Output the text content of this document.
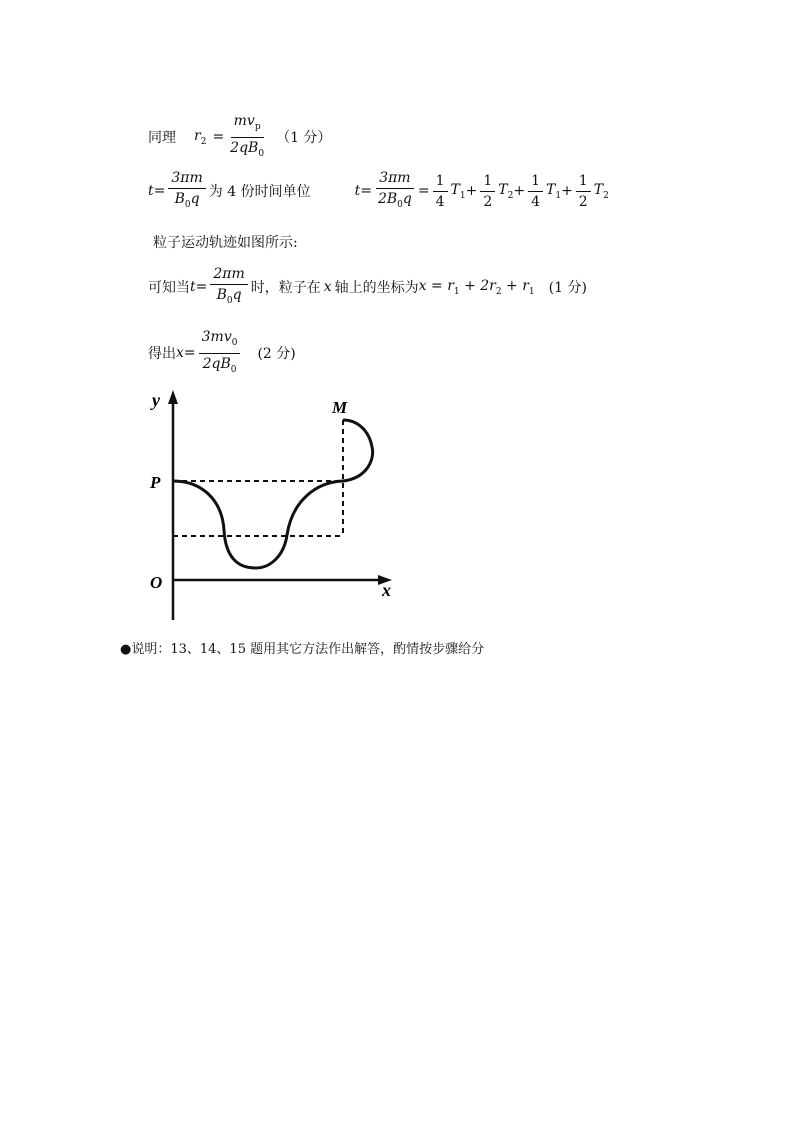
同理 $r_2 = \frac{mv_p}{2qB_0} (1$ 分）
$t = \frac{3\pi m}{B_0q}$ 为 4 份时间单位	$t = \frac{3\pi m}{2B_0q} = \frac{1}{4} T_1 + \frac{1}{2} T_2 + \frac{1}{4} T_1 + \frac{1}{2} T_2$
粒子运动轨迹如图所示:
可知当 $t = \frac{2\pi m}{B_0q}$ 时，粒子在 x 轴上的坐标为 $x = r_1 + 2r_2 + r_1$ (1 分)
得出 $x = \frac{3mv_0}{2qB_0} (2$ 分)
y
x
O
P
M
●说明：13、14、15 题用其它方法作出解答，酌情按步骤给分
